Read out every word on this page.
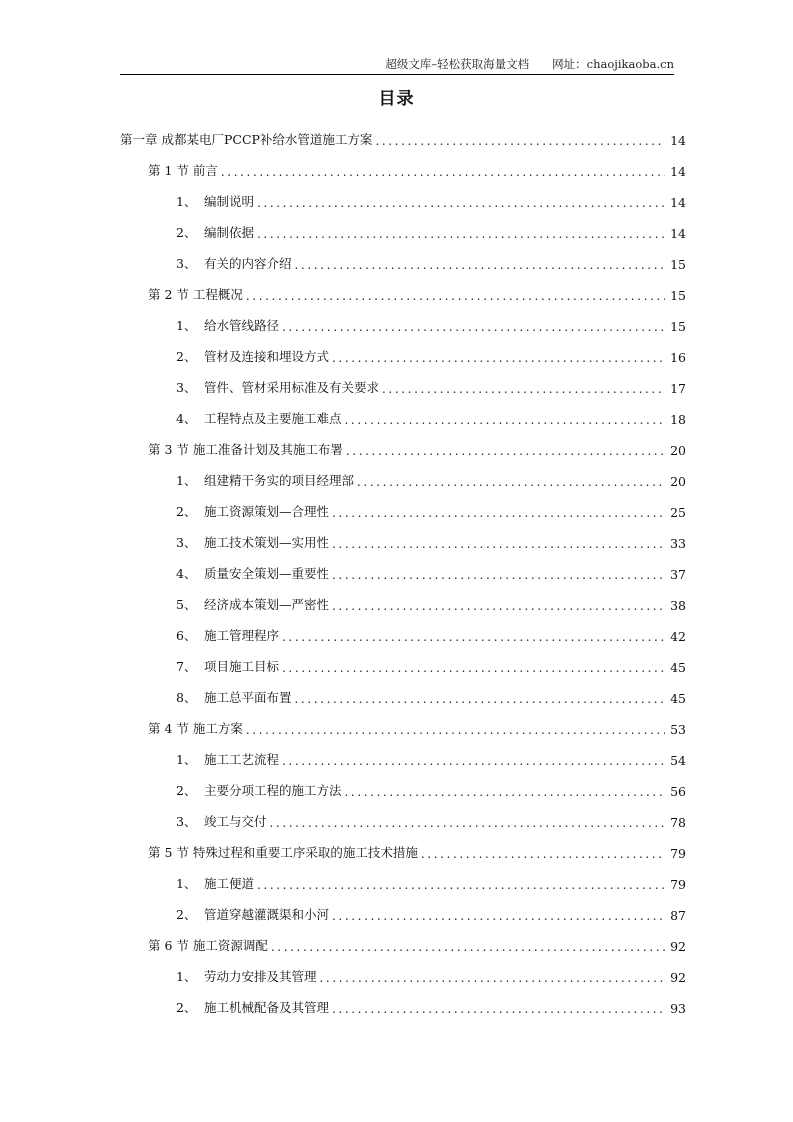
超级文库–轻松获取海量文档　　网址：chaojikaoba.cn
目录
第一章 成都某电厂PCCP补给水管道施工方案 .....	14
第 1 节 前言 .....	14
1、 编制说明 .....	14
2、 编制依据 .....	14
3、 有关的内容介绍 .....	15
第 2 节 工程概况 .....	15
1、 给水管线路径 .....	15
2、 管材及连接和埋设方式 .....	16
3、 管件、管材采用标准及有关要求 .....	17
4、 工程特点及主要施工难点 .....	18
第 3 节 施工准备计划及其施工布署 .....	20
1、 组建精干务实的项目经理部 .....	20
2、 施工资源策划—合理性 .....	25
3、 施工技术策划—实用性 .....	33
4、 质量安全策划—重要性 .....	37
5、 经济成本策划—严密性 .....	38
6、 施工管理程序 .....	42
7、 项目施工目标 .....	45
8、 施工总平面布置 .....	45
第 4 节 施工方案 .....	53
1、 施工工艺流程 .....	54
2、 主要分项工程的施工方法 .....	56
3、 竣工与交付 .....	78
第 5 节 特殊过程和重要工序采取的施工技术措施 .....	79
1、 施工便道 .....	79
2、 管道穿越灌溉渠和小河 .....	87
第 6 节 施工资源调配 .....	92
1、 劳动力安排及其管理 .....	92
2、 施工机械配备及其管理 .....	93
